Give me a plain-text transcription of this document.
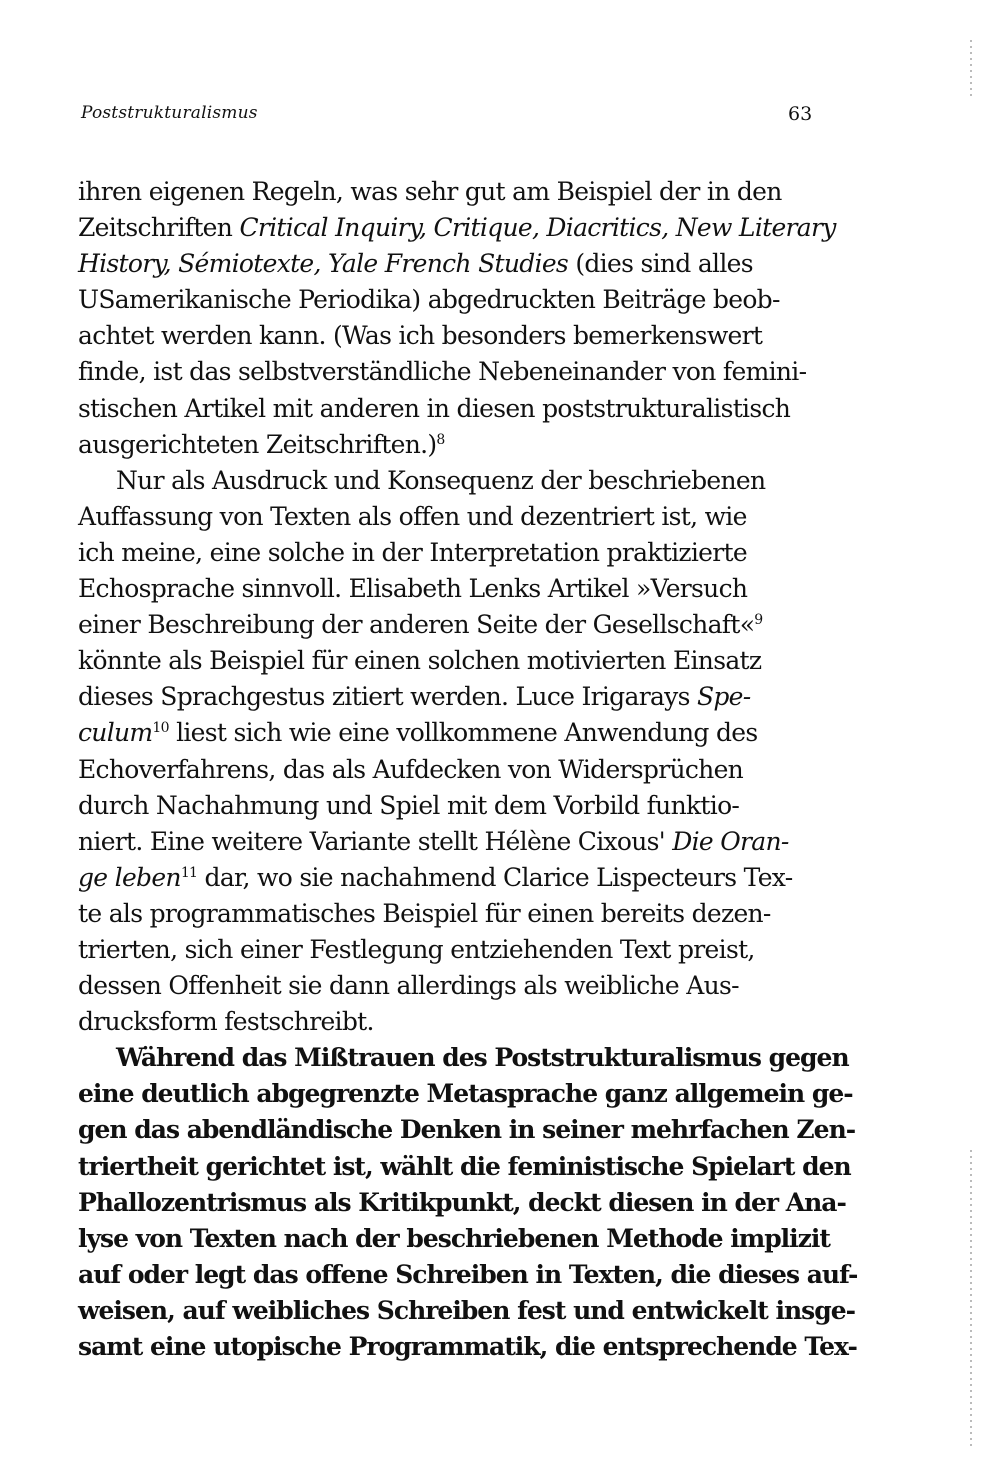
Poststrukturalismus	63
ihren eigenen Regeln, was sehr gut am Beispiel der in den
Zeitschriften Critical Inquiry, Critique, Diacritics, New Literary
History, Sémiotexte, Yale French Studies (dies sind alles
USamerikanische Periodika) abgedruckten Beiträge beob-
achtet werden kann. (Was ich besonders bemerkenswert
finde, ist das selbstverständliche Nebeneinander von femini-
stischen Artikel mit anderen in diesen poststrukturalistisch
ausgerichteten Zeitschriften.)$^8$
Nur als Ausdruck und Konsequenz der beschriebenen
Auffassung von Texten als offen und dezentriert ist, wie
ich meine, eine solche in der Interpretation praktizierte
Echosprache sinnvoll. Elisabeth Lenks Artikel »Versuch
einer Beschreibung der anderen Seite der Gesellschaft«$^9$
könnte als Beispiel für einen solchen motivierten Einsatz
dieses Sprachgestus zitiert werden. Luce Irigarays Spe-
culum$^{10}$ liest sich wie eine vollkommene Anwendung des
Echoverfahrens, das als Aufdecken von Widersprüchen
durch Nachahmung und Spiel mit dem Vorbild funktio-
niert. Eine weitere Variante stellt Hélène Cixous' Die Oran-
ge leben$^{11}$ dar, wo sie nachahmend Clarice Lispecteurs Tex-
te als programmatisches Beispiel für einen bereits dezen-
trierten, sich einer Festlegung entziehenden Text preist,
dessen Offenheit sie dann allerdings als weibliche Aus-
drucksform festschreibt.
Während das Mißtrauen des Poststrukturalismus gegen
eine deutlich abgegrenzte Metasprache ganz allgemein ge-
gen das abendländische Denken in seiner mehrfachen Zen-
triertheit gerichtet ist, wählt die feministische Spielart den
Phallozentrismus als Kritikpunkt, deckt diesen in der Ana-
lyse von Texten nach der beschriebenen Methode implizit
auf oder legt das offene Schreiben in Texten, die dieses auf-
weisen, auf weibliches Schreiben fest und entwickelt insge-
samt eine utopische Programmatik, die entsprechende Tex-
